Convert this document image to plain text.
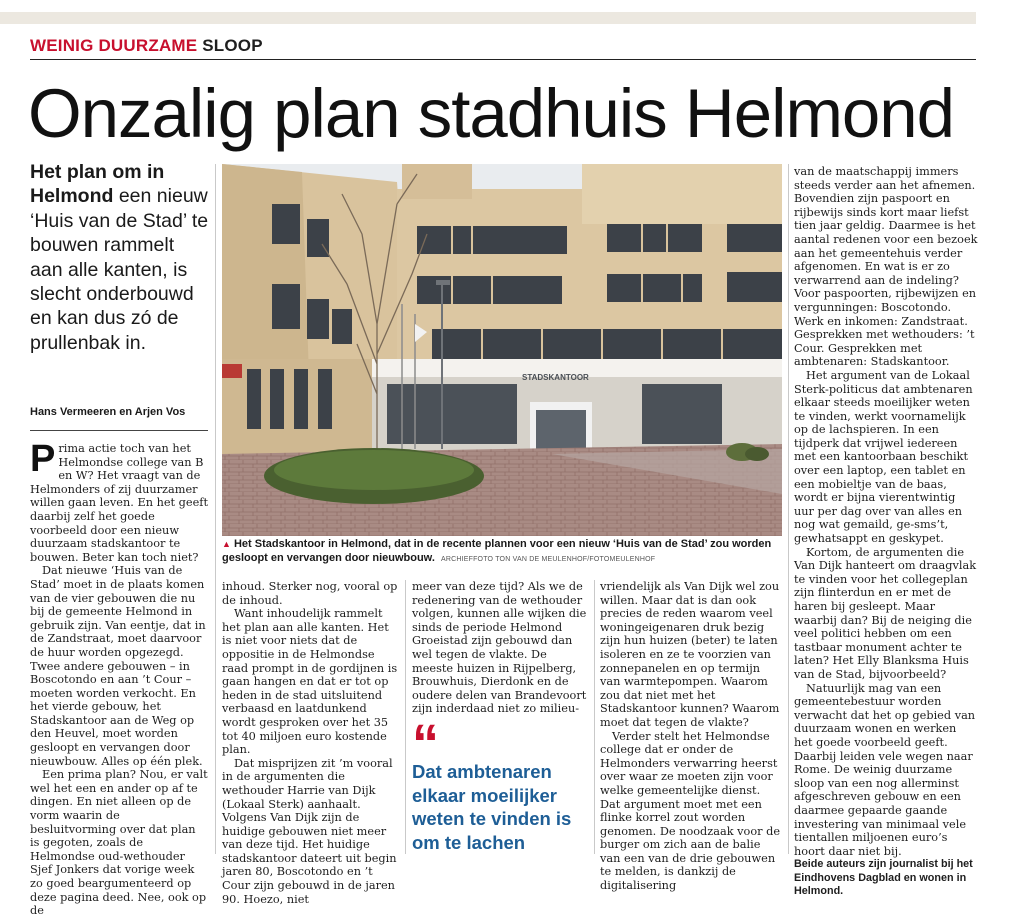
WEINIG DUURZAME SLOOP
Onzalig plan stadhuis Helmond
Het plan om in Helmond een nieuw ‘Huis van de Stad’ te bouwen rammelt aan alle kanten, is slecht onderbouwd en kan dus zó de prullenbak in.
Hans Vermeeren en Arjen Vos
STADSKANTOOR
▲ Het Stadskantoor in Helmond, dat in de recente plannen voor een nieuw ‘Huis van de Stad’ zou worden gesloopt en vervangen door nieuwbouw. ARCHIEFFOTO TON VAN DE MEULENHOF/FOTOMEULENHOF

Prima actie toch van het Helmondse college van B en W? Het vraagt van de Helmonders of zij duurzamer willen gaan leven. En het geeft daarbij zelf het goede voorbeeld door een nieuw duurzaam stadskantoor te bouwen. Beter kan toch niet?

Dat nieuwe ‘Huis van de Stad’ moet in de plaats komen van de vier gebouwen die nu bij de gemeente Helmond in gebruik zijn. Van eentje, dat in de Zandstraat, moet daarvoor de huur worden opgezegd. Twee andere gebouwen – in Boscotondo en aan ’t Cour – moeten worden verkocht. En het vierde gebouw, het Stadskantoor aan de Weg op den Heuvel, moet worden gesloopt en vervangen door nieuwbouw. Alles op één plek.

Een prima plan? Nou, er valt wel het een en ander op af te dingen. En niet alleen op de vorm waarin de besluitvorming over dat plan is gegoten, zoals de Helmondse oud-wethouder Sjef Jonkers dat vorige week zo goed beargumenteerd op deze pagina deed. Nee, ook op de

inhoud. Sterker nog, vooral op de inhoud.

Want inhoudelijk rammelt het plan aan alle kanten. Het is niet voor niets dat de oppositie in de Helmondse raad prompt in de gordijnen is gaan hangen en dat er tot op heden in de stad uitsluitend verbaasd en laatdunkend wordt gesproken over het 35 tot 40 miljoen euro kostende plan.

Dat misprijzen zit ’m vooral in de argumenten die wethouder Harrie van Dijk (Lokaal Sterk) aanhaalt. Volgens Van Dijk zijn de huidige gebouwen niet meer van deze tijd. Het huidige stadskantoor dateert uit begin jaren 80, Boscotondo en ’t Cour zijn gebouwd in de jaren 90. Hoezo, niet

meer van deze tijd? Als we de redenering van de wethouder volgen, kunnen alle wijken die sinds de periode Helmond Groeistad zijn gebouwd dan wel tegen de vlakte. De meeste huizen in Rijpelberg, Brouwhuis, Dierdonk en de oudere delen van Brandevoort zijn inderdaad niet zo milieu-

“
Dat ambtenaren elkaar moeilijker weten te vinden is om te lachen

vriendelijk als Van Dijk wel zou willen. Maar dat is dan ook precies de reden waarom veel woningeigenaren druk bezig zijn hun huizen (beter) te laten isoleren en ze te voorzien van zonnepanelen en op termijn van warmtepompen. Waarom zou dat niet met het Stadskantoor kunnen? Waarom moet dat tegen de vlakte?

Verder stelt het Helmondse college dat er onder de Helmonders verwarring heerst over waar ze moeten zijn voor welke gemeentelijke dienst. Dat argument moet met een flinke korrel zout worden genomen. De noodzaak voor de burger om zich aan de balie van een van de drie gebouwen te melden, is dankzij de digitalisering

van de maatschappij immers steeds verder aan het afnemen. Bovendien zijn paspoort en rijbewijs sinds kort maar liefst tien jaar geldig. Daarmee is het aantal redenen voor een bezoek aan het gemeentehuis verder afgenomen. En wat is er zo verwarrend aan de indeling? Voor paspoorten, rijbewijzen en vergunningen: Boscotondo. Werk en inkomen: Zandstraat. Gesprekken met wethouders: ’t Cour. Gesprekken met ambtenaren: Stadskantoor.

Het argument van de Lokaal Sterk-politicus dat ambtenaren elkaar steeds moeilijker weten te vinden, werkt voornamelijk op de lachspieren. In een tijdperk dat vrijwel iedereen met een kantoorbaan beschikt over een laptop, een tablet en een mobieltje van de baas, wordt er bijna vierentwintig uur per dag over van alles en nog wat gemaild, ge-sms’t, gewhatsappt en geskypet.

Kortom, de argumenten die Van Dijk hanteert om draagvlak te vinden voor het collegeplan zijn flinterdun en er met de haren bij gesleept. Maar waarbij dan? Bij de neiging die veel politici hebben om een tastbaar monument achter te laten? Het Elly Blanksma Huis van de Stad, bijvoorbeeld?

Natuurlijk mag van een gemeentebestuur worden verwacht dat het op gebied van duurzaam wonen en werken het goede voorbeeld geeft. Daarbij leiden vele wegen naar Rome. De weinig duurzame sloop van een nog allerminst afgeschreven gebouw en een daarmee gepaarde gaande investering van minimaal vele tientallen miljoenen euro’s hoort daar niet bij.

Beide auteurs zijn journalist bij het Eindhovens Dagblad en wonen in Helmond.
